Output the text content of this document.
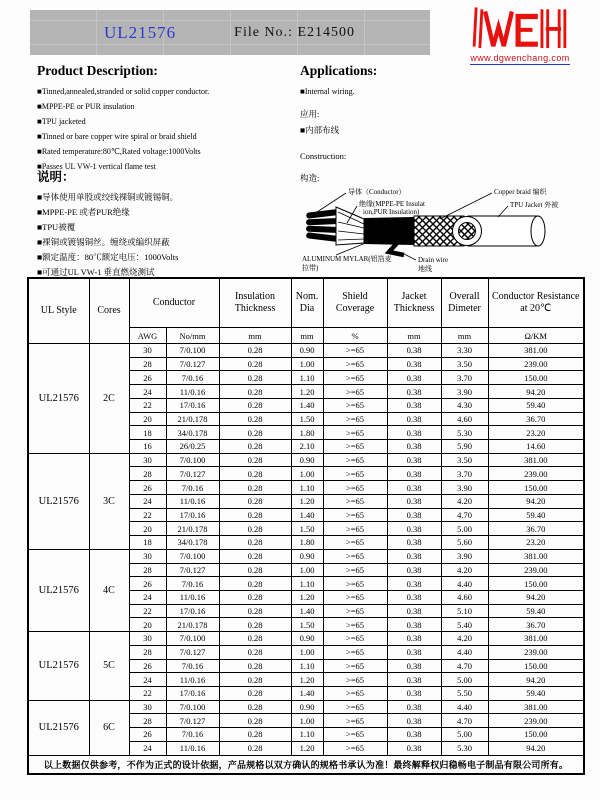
UL21576	File No.: E214500
www.dgwenchang.com
Product Description:
■Tinned,annealed,stranded or solid copper conductor.
■MPPE-PE or PUR insulation
■TPU jacketed
■Tinned or bare copper wire spiral or braid shield
■Rated temperature:80℃,Rated voltage:1000Volts
■Passes UL VW-1 vertical flame test
说明：
■导体使用单股或绞线裸铜或镀锡铜。
■MPPE-PE 或者PUR绝缘
■TPU被覆
■裸铜或镀锡铜丝。缠绕或编织屏蔽
■额定温度：80℃额定电压：1000Volts
■可通过UL VW-1 垂直燃烧测试
Applications:
■Internal wiring.
应用:
■内部布线
Construction:
构造:
导体（Conductor）
绝缘(MPPE-PE Insulat
ion,PUR Insulation)
Copper braid 编织
TPU Jacket 外被
ALUMINUM MYLAR(铝箔麦
拉带)
Drain wire
地线
UL Style	Cores	Conductor		Insulation Thickness	Nom. Dia	Shield Coverage	Jacket Thickness	Overall Dimeter	Conductor Resistance at 20℃
		AWG	No/mm	mm	mm	%	mm	mm	Ω/KM
UL21576	2C	30	7/0.100	0.28	0.90	>=65	0.38	3.30	381.00
		28	7/0.127	0.28	1.00	>=65	0.38	3.50	239.00
		26	7/0.16	0.28	1.10	>=65	0.38	3.70	150.00
		24	11/0.16	0.28	1.20	>=65	0.38	3.90	94.20
		22	17/0.16	0.28	1.40	>=65	0.38	4.30	59.40
		20	21/0.178	0.28	1.50	>=65	0.38	4.60	36.70
		18	34/0.178	0.28	1.80	>=65	0.38	5.30	23.20
		16	26/0.25	0.28	2.10	>=65	0.38	5.90	14.60
UL21576	3C	30	7/0.100	0.28	0.90	>=65	0.38	3.50	381.00
		28	7/0.127	0.28	1.00	>=65	0.38	3.70	239.00
		26	7/0.16	0.28	1.10	>=65	0.38	3.90	150.00
		24	11/0.16	0.28	1.20	>=65	0.38	4.20	94.20
		22	17/0.16	0.28	1.40	>=65	0.38	4.70	59.40
		20	21/0.178	0.28	1.50	>=65	0.38	5.00	36.70
		18	34/0.178	0.28	1.80	>=65	0.38	5.60	23.20
UL21576	4C	30	7/0.100	0.28	0.90	>=65	0.38	3.90	381.00
		28	7/0.127	0.28	1.00	>=65	0.38	4.20	239.00
		26	7/0.16	0.28	1.10	>=65	0.38	4.40	150.00
		24	11/0.16	0.28	1.20	>=65	0.38	4.60	94.20
		22	17/0.16	0.28	1.40	>=65	0.38	5.10	59.40
		20	21/0.178	0.28	1.50	>=65	0.38	5.40	36.70
UL21576	5C	30	7/0.100	0.28	0.90	>=65	0.38	4.20	381.00
		28	7/0.127	0.28	1.00	>=65	0.38	4.40	239.00
		26	7/0.16	0.28	1.10	>=65	0.38	4.70	150.00
		24	11/0.16	0.28	1.20	>=65	0.38	5.00	94.20
		22	17/0.16	0.28	1.40	>=65	0.38	5.50	59.40
UL21576	6C	30	7/0.100	0.28	0.90	>=65	0.38	4.40	381.00
		28	7/0.127	0.28	1.00	>=65	0.38	4.70	239.00
		26	7/0.16	0.28	1.10	>=65	0.38	5.00	150.00
		24	11/0.16	0.28	1.20	>=65	0.38	5.30	94.20
以上数据仅供参考，不作为正式的设计依据，产品规格以双方确认的规格书承认为准！最终解释权归稳畅电子制品有限公司所有。									
